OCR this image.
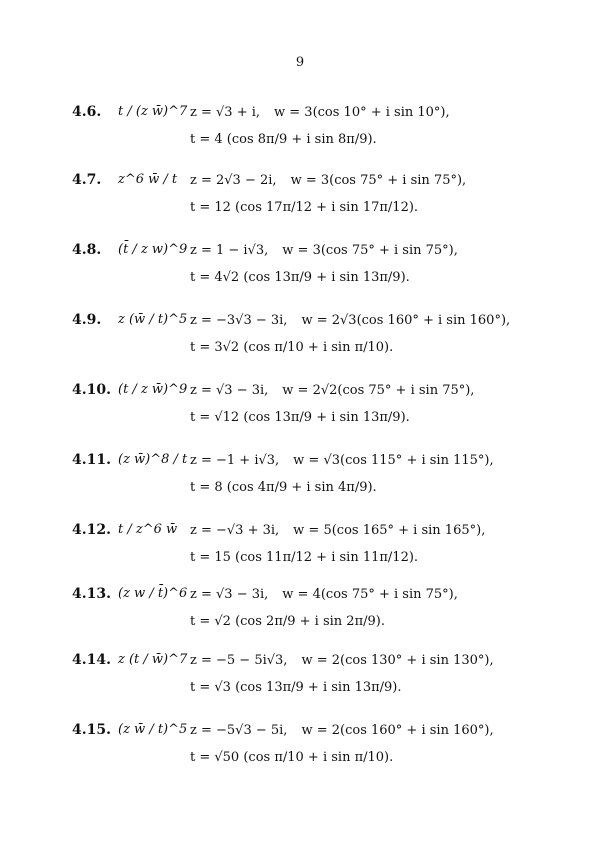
9
4.6. t / (z w̄)^7 z = √3 + i, w = 3(cos 10° + i sin 10°),
t = 4 (cos 8π/9 + i sin 8π/9).
4.7. z^6 w̄ / t z = 2√3 − 2i, w = 3(cos 75° + i sin 75°),
t = 12 (cos 17π/12 + i sin 17π/12).
4.8. (t̄ / z w)^9 z = 1 − i√3, w = 3(cos 75° + i sin 75°),
t = 4√2 (cos 13π/9 + i sin 13π/9).
4.9. z (w̄ / t)^5 z = −3√3 − 3i, w = 2√3(cos 160° + i sin 160°),
t = 3√2 (cos π/10 + i sin π/10).
4.10. (t / z w̄)^9 z = √3 − 3i, w = 2√2(cos 75° + i sin 75°),
t = √12 (cos 13π/9 + i sin 13π/9).
4.11. (z w̄)^8 / t z = −1 + i√3, w = √3(cos 115° + i sin 115°),
t = 8 (cos 4π/9 + i sin 4π/9).
4.12. t / z^6 w̄ z = −√3 + 3i, w = 5(cos 165° + i sin 165°),
t = 15 (cos 11π/12 + i sin 11π/12).
4.13. (z w / t̄)^6 z = √3 − 3i, w = 4(cos 75° + i sin 75°),
t = √2 (cos 2π/9 + i sin 2π/9).
4.14. z (t / w̄)^7 z = −5 − 5i√3, w = 2(cos 130° + i sin 130°),
t = √3 (cos 13π/9 + i sin 13π/9).
4.15. (z w̄ / t)^5 z = −5√3 − 5i, w = 2(cos 160° + i sin 160°),
t = √50 (cos π/10 + i sin π/10).
